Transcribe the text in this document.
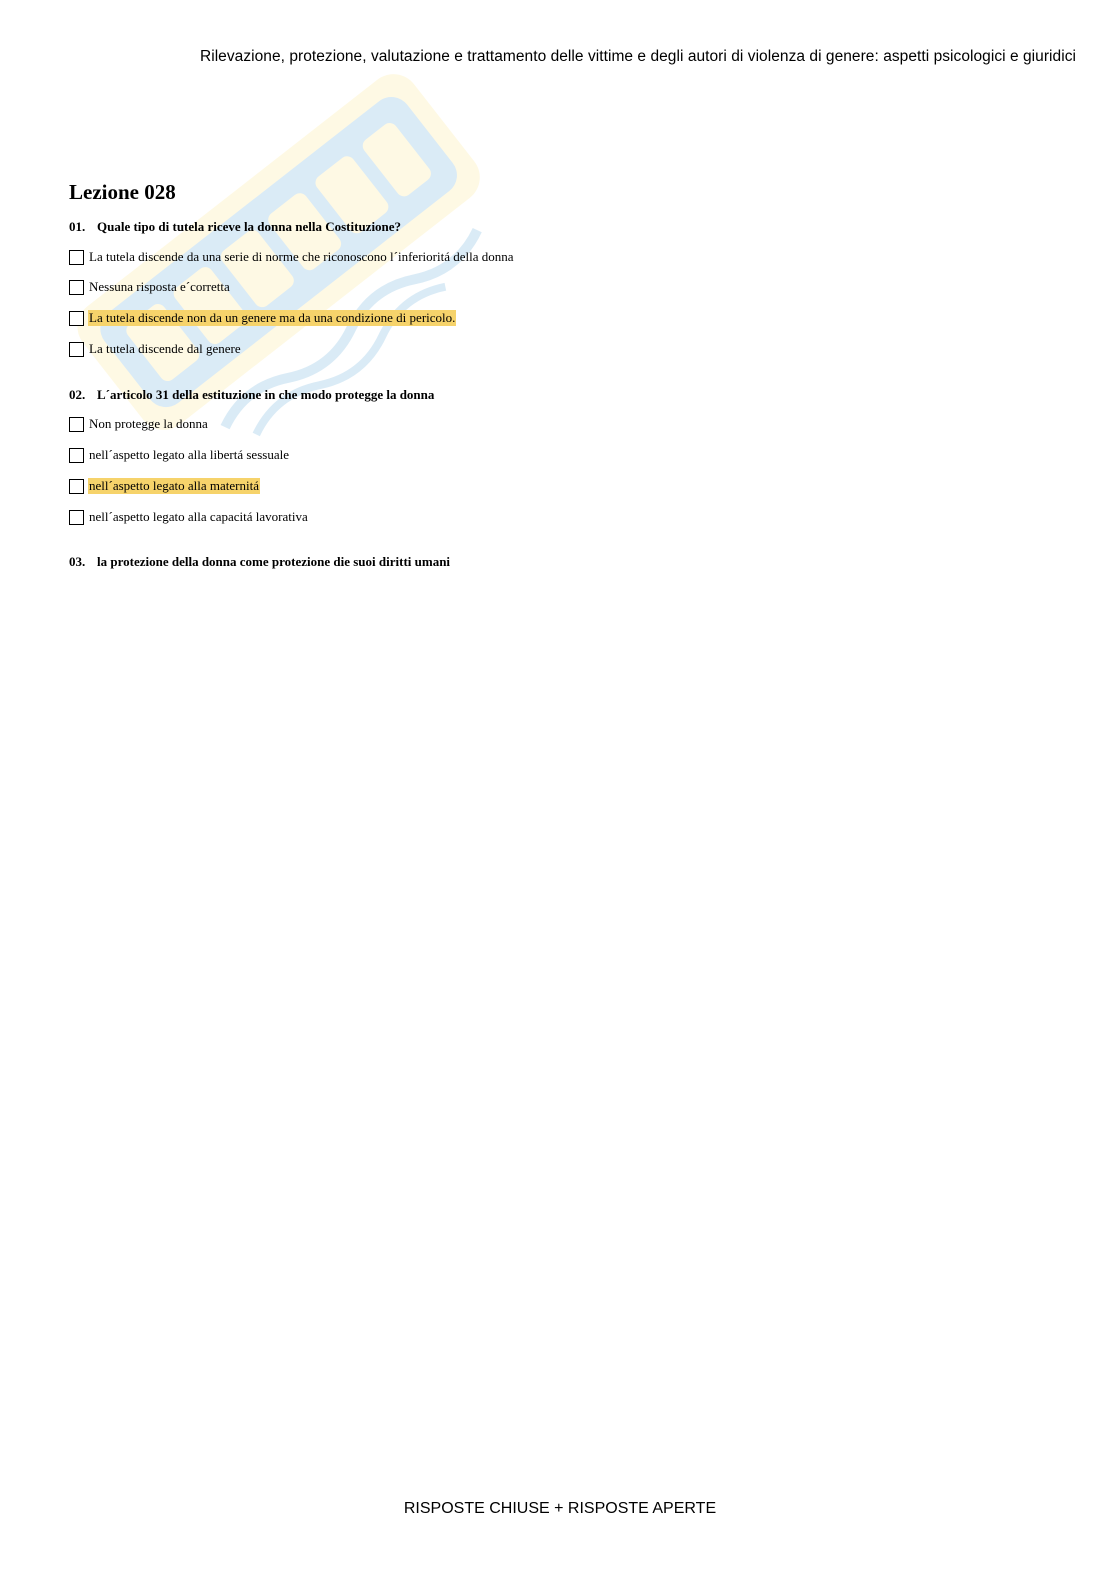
Rilevazione, protezione, valutazione e trattamento delle vittime e degli autori di violenza di genere: aspetti psicologici e giuridici
Lezione 028

01. Quale tipo di tutela riceve la donna nella Costituzione?

La tutela discende da una serie di norme che riconoscono l´inferioritá della donna
Nessuna risposta e´corretta
La tutela discende non da un genere ma da una condizione di pericolo.
La tutela discende dal genere

02. L´articolo 31 della estituzione in che modo protegge la donna

Non protegge la donna
nell´aspetto legato alla libertá sessuale
nell´aspetto legato alla maternitá
nell´aspetto legato alla capacitá lavorativa

03. la protezione della donna come protezione die suoi diritti umani

RISPOSTE CHIUSE + RISPOSTE APERTE
